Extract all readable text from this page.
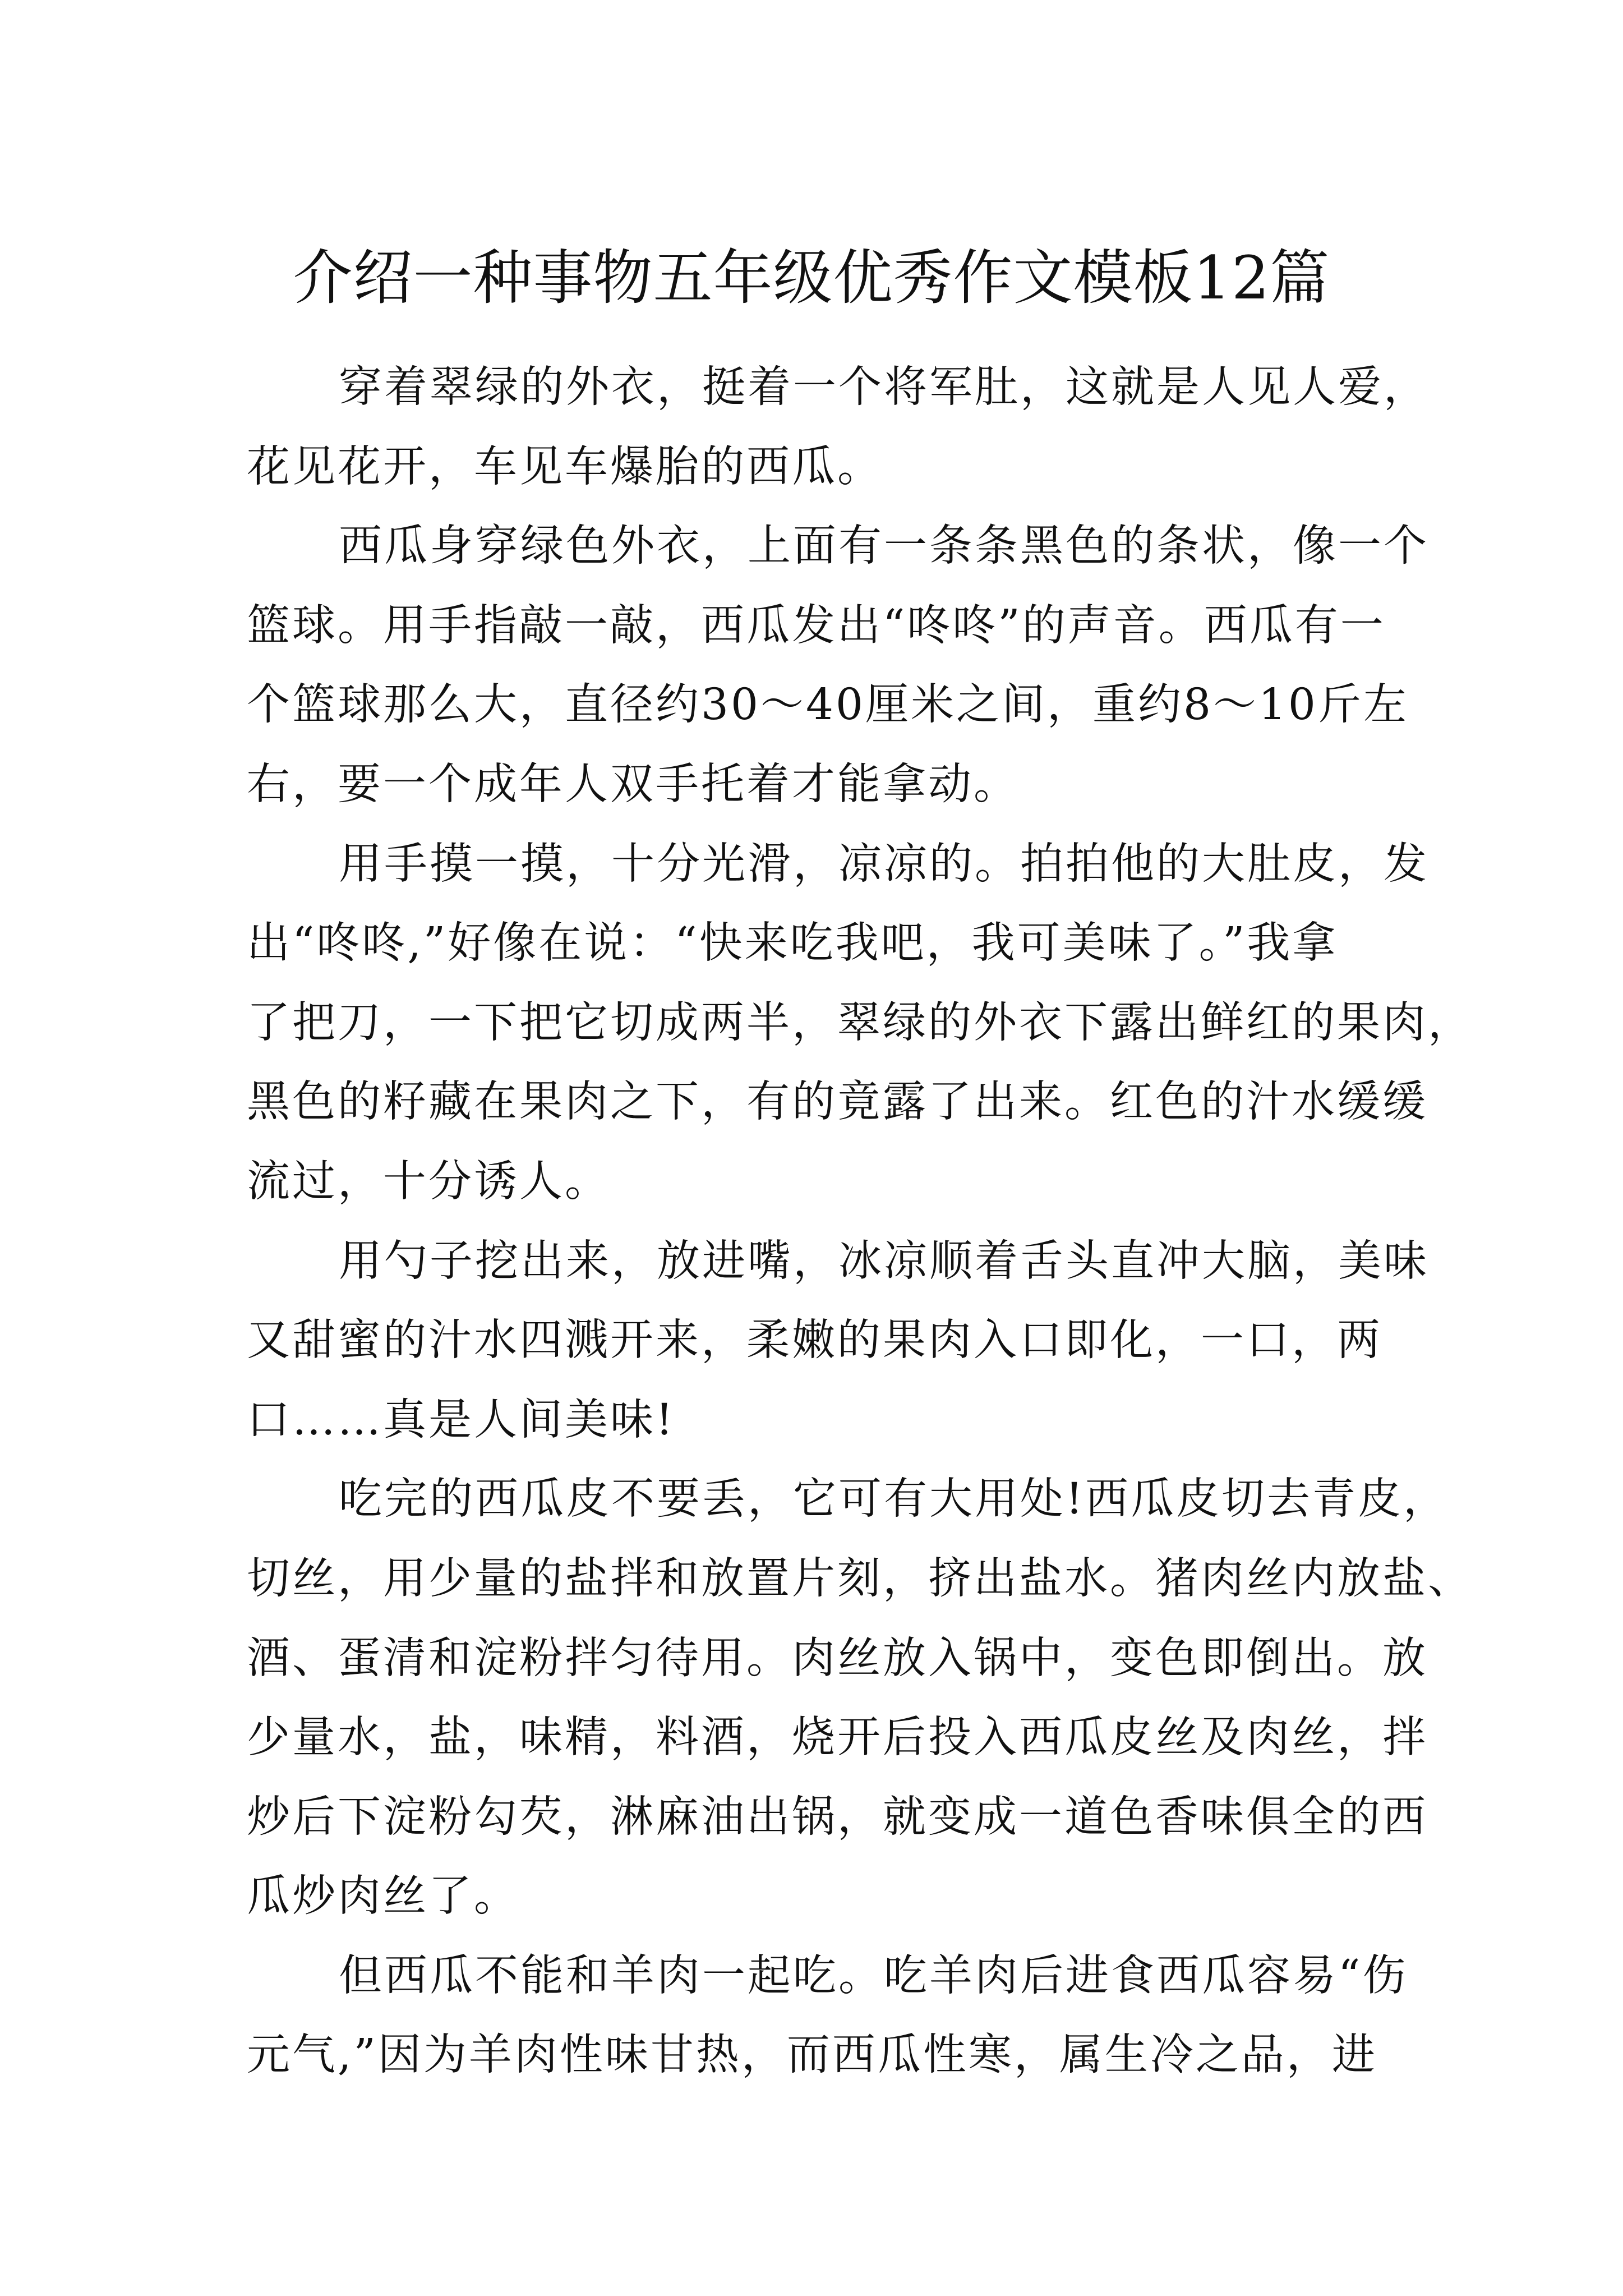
介绍一种事物五年级优秀作文模板12篇
穿着翠绿的外衣，挺着一个将军肚，这就是人见人爱，
花见花开，车见车爆胎的西瓜。
西瓜身穿绿色外衣，上面有一条条黑色的条状，像一个
篮球。用手指敲一敲，西瓜发出“咚咚”的声音。西瓜有一
个篮球那么大，直径约30～40厘米之间，重约8～10斤左
右，要一个成年人双手托着才能拿动。
用手摸一摸，十分光滑，凉凉的。拍拍他的大肚皮，发
出“咚咚,”好像在说：“快来吃我吧，我可美味了。”我拿
了把刀，一下把它切成两半，翠绿的外衣下露出鲜红的果肉，
黑色的籽藏在果肉之下，有的竟露了出来。红色的汁水缓缓
流过，十分诱人。
用勺子挖出来，放进嘴，冰凉顺着舌头直冲大脑，美味
又甜蜜的汁水四溅开来，柔嫩的果肉入口即化，一口，两
口……真是人间美味!
吃完的西瓜皮不要丢，它可有大用处!西瓜皮切去青皮，
切丝，用少量的盐拌和放置片刻，挤出盐水。猪肉丝内放盐、
酒、蛋清和淀粉拌匀待用。肉丝放入锅中，变色即倒出。放
少量水，盐，味精，料酒，烧开后投入西瓜皮丝及肉丝，拌
炒后下淀粉勾芡，淋麻油出锅，就变成一道色香味俱全的西
瓜炒肉丝了。
但西瓜不能和羊肉一起吃。吃羊肉后进食西瓜容易“伤
元气,”因为羊肉性味甘热，而西瓜性寒，属生冷之品，进
